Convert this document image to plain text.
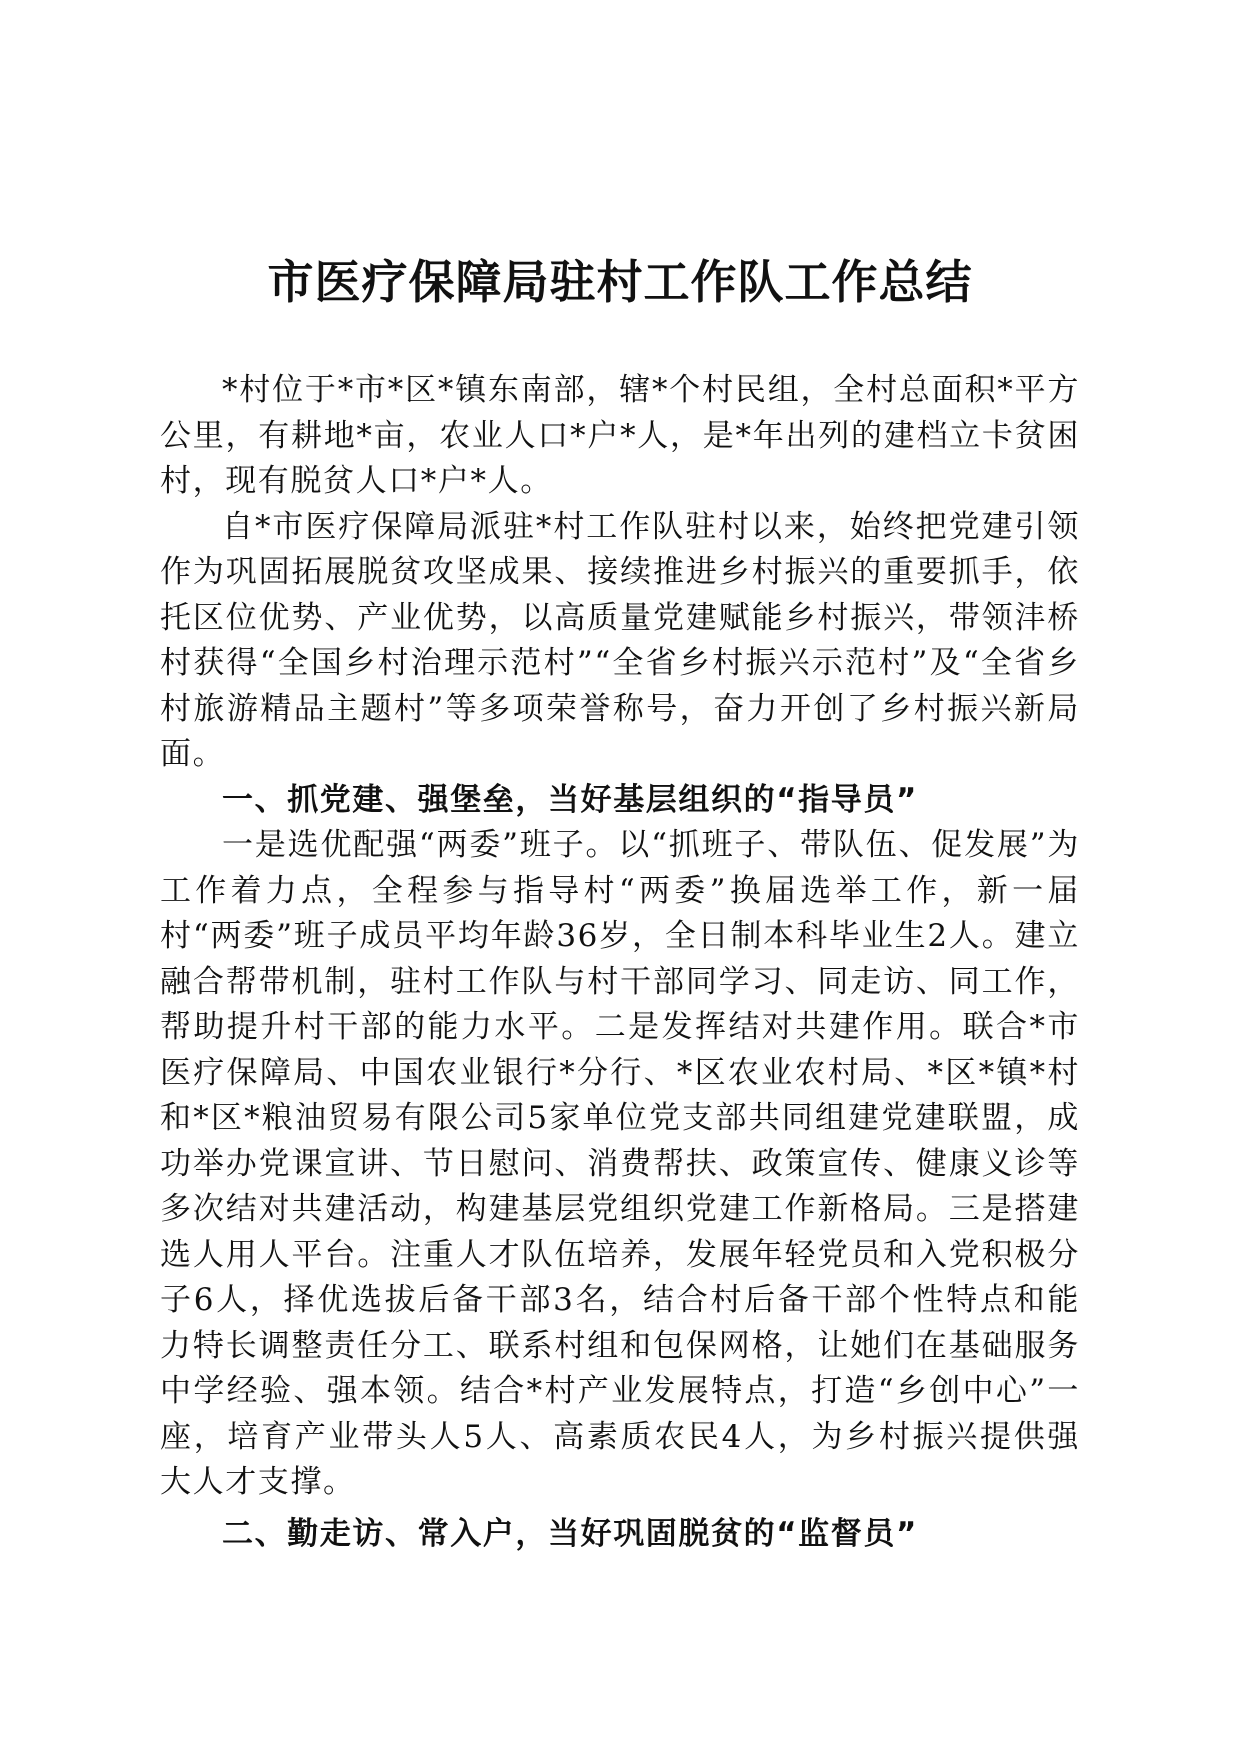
市医疗保障局驻村工作队工作总结

*村位于*市*区*镇东南部，辖*个村民组，全村总面积*平方公里，有耕地*亩，农业人口*户*人，是*年出列的建档立卡贫困村，现有脱贫人口*户*人。

自*市医疗保障局派驻*村工作队驻村以来，始终把党建引领作为巩固拓展脱贫攻坚成果、接续推进乡村振兴的重要抓手，依托区位优势、产业优势，以高质量党建赋能乡村振兴，带领沣桥村获得“全国乡村治理示范村”“全省乡村振兴示范村”及“全省乡村旅游精品主题村”等多项荣誉称号，奋力开创了乡村振兴新局面。

一、抓党建、强堡垒，当好基层组织的“指导员”

一是选优配强“两委”班子。以“抓班子、带队伍、促发展”为工作着力点，全程参与指导村“两委”换届选举工作，新一届村“两委”班子成员平均年龄36岁，全日制本科毕业生2人。建立融合帮带机制，驻村工作队与村干部同学习、同走访、同工作，帮助提升村干部的能力水平。二是发挥结对共建作用。联合*市医疗保障局、中国农业银行*分行、*区农业农村局、*区*镇*村和*区*粮油贸易有限公司5家单位党支部共同组建党建联盟，成功举办党课宣讲、节日慰问、消费帮扶、政策宣传、健康义诊等多次结对共建活动，构建基层党组织党建工作新格局。三是搭建选人用人平台。注重人才队伍培养，发展年轻党员和入党积极分子6人，择优选拔后备干部3名，结合村后备干部个性特点和能力特长调整责任分工、联系村组和包保网格，让她们在基础服务中学经验、强本领。结合*村产业发展特点，打造“乡创中心”一座，培育产业带头人5人、高素质农民4人，为乡村振兴提供强大人才支撑。

二、勤走访、常入户，当好巩固脱贫的“监督员”
